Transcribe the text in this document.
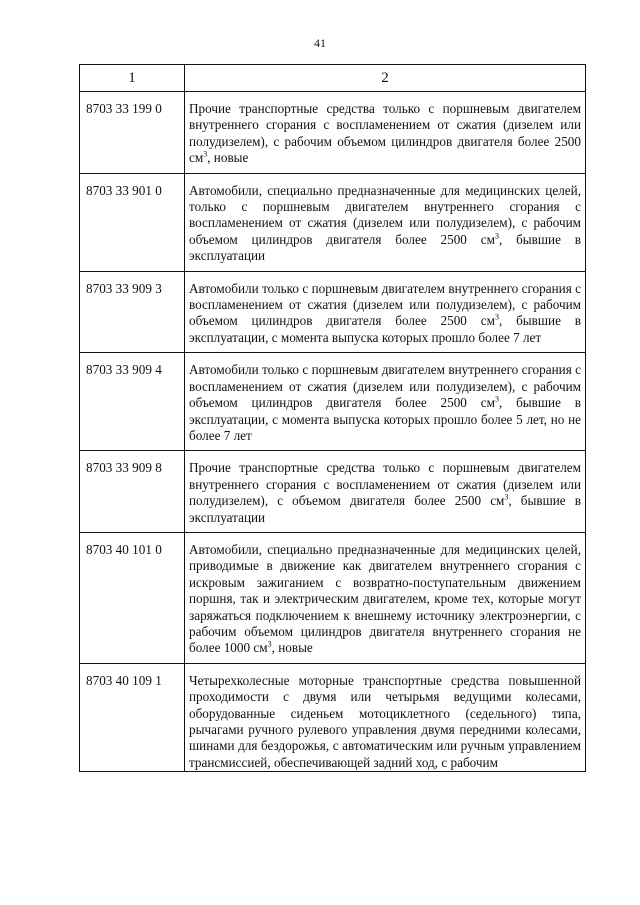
41
1	2
8703 33 199 0	Прочие транспортные средства только с поршневым двигателем внутреннего сгорания с воспламенением от сжатия (дизелем или полудизелем), с рабочим объемом цилиндров двигателя более 2500 $см^3$, новые
8703 33 901 0	Автомобили, специально предназначенные для медицинских целей, только с поршневым двигателем внутреннего сгорания с воспламенением от сжатия (дизелем или полудизелем), с рабочим объемом цилиндров двигателя более 2500 $см^3$, бывшие в эксплуатации
8703 33 909 3	Автомобили только с поршневым двигателем внутреннего сгорания с воспламенением от сжатия (дизелем или полудизелем), с рабочим объемом цилиндров двигателя более 2500 $см^3$, бывшие в эксплуатации, с момента выпуска которых прошло более 7 лет
8703 33 909 4	Автомобили только с поршневым двигателем внутреннего сгорания с воспламенением от сжатия (дизелем или полудизелем), с рабочим объемом цилиндров двигателя более 2500 $см^3$, бывшие в эксплуатации, с момента выпуска которых прошло более 5 лет, но не более 7 лет
8703 33 909 8	Прочие транспортные средства только с поршневым двигателем внутреннего сгорания с воспламенением от сжатия (дизелем или полудизелем), с объемом двигателя более 2500 $см^3$, бывшие в эксплуатации
8703 40 101 0	Автомобили, специально предназначенные для медицинских целей, приводимые в движение как двигателем внутреннего сгорания с искровым зажиганием с возвратно-поступательным движением поршня, так и электрическим двигателем, кроме тех, которые могут заряжаться подключением к внешнему источнику электроэнергии, с рабочим объемом цилиндров двигателя внутреннего сгорания не более 1000 $см^3$, новые
8703 40 109 1	Четырехколесные моторные транспортные средства повышенной проходимости с двумя или четырьмя ведущими колесами, оборудованные сиденьем мотоциклетного (седельного) типа, рычагами ручного рулевого управления двумя передними колесами, шинами для бездорожья, с автоматическим или ручным управлением трансмиссией, обеспечивающей задний ход, с рабочим
